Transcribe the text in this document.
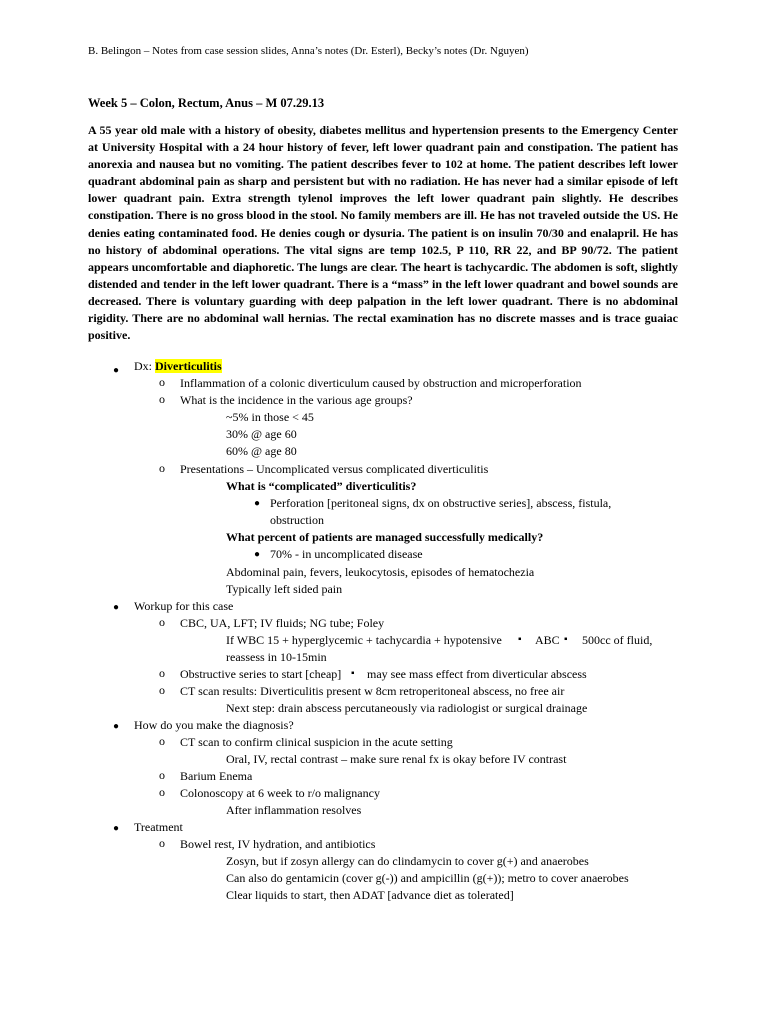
B. Belingon – Notes from case session slides, Anna’s notes (Dr. Esterl), Becky’s notes (Dr. Nguyen)
Week 5 – Colon, Rectum, Anus – M 07.29.13
A 55 year old male with a history of obesity, diabetes mellitus and hypertension presents to the Emergency Center at University Hospital with a 24 hour history of fever, left lower quadrant pain and constipation. The patient has anorexia and nausea but no vomiting. The patient describes fever to 102 at home. The patient describes left lower quadrant abdominal pain as sharp and persistent but with no radiation. He has never had a similar episode of left lower quadrant pain. Extra strength tylenol improves the left lower quadrant pain slightly. He describes constipation. There is no gross blood in the stool. No family members are ill. He has not traveled outside the US. He denies eating contaminated food. He denies cough or dysuria. The patient is on insulin 70/30 and enalapril. He has no history of abdominal operations. The vital signs are temp 102.5, P 110, RR 22, and BP 90/72. The patient appears uncomfortable and diaphoretic. The lungs are clear. The heart is tachycardic. The abdomen is soft, slightly distended and tender in the left lower quadrant. There is a “mass” in the left lower quadrant and bowel sounds are decreased. There is voluntary guarding with deep palpation in the left lower quadrant. There is no abdominal rigidity. There are no abdominal wall hernias. The rectal examination has no discrete masses and is trace guaiac positive.
● Dx: Diverticulitis
o Inflammation of a colonic diverticulum caused by obstruction and microperforation
o What is the incidence in the various age groups?
~5% in those < 45
30% @ age 60
60% @ age 80
o Presentations – Uncomplicated versus complicated diverticulitis
What is “complicated” diverticulitis?
● Perforation [peritoneal signs, dx on obstructive series], abscess, fistula,
obstruction
What percent of patients are managed successfully medically?
● 70% - in uncomplicated disease
Abdominal pain, fevers, leukocytosis, episodes of hematochezia
Typically left sided pain
● Workup for this case
o CBC, UA, LFT; IV fluids; NG tube; Foley
If WBC 15 + hyperglycemic + tachycardia + hypotensive ▪ ABC ▪ 500cc of fluid,
reassess in 10-15min
o Obstructive series to start [cheap] ▪ may see mass effect from diverticular abscess
o CT scan results: Diverticulitis present w 8cm retroperitoneal abscess, no free air
Next step: drain abscess percutaneously via radiologist or surgical drainage
● How do you make the diagnosis?
o CT scan to confirm clinical suspicion in the acute setting
Oral, IV, rectal contrast – make sure renal fx is okay before IV contrast
o Barium Enema
o Colonoscopy at 6 week to r/o malignancy
After inflammation resolves
● Treatment
o Bowel rest, IV hydration, and antibiotics
Zosyn, but if zosyn allergy can do clindamycin to cover g(+) and anaerobes
Can also do gentamicin (cover g(-)) and ampicillin (g(+)); metro to cover anaerobes
Clear liquids to start, then ADAT [advance diet as tolerated]
